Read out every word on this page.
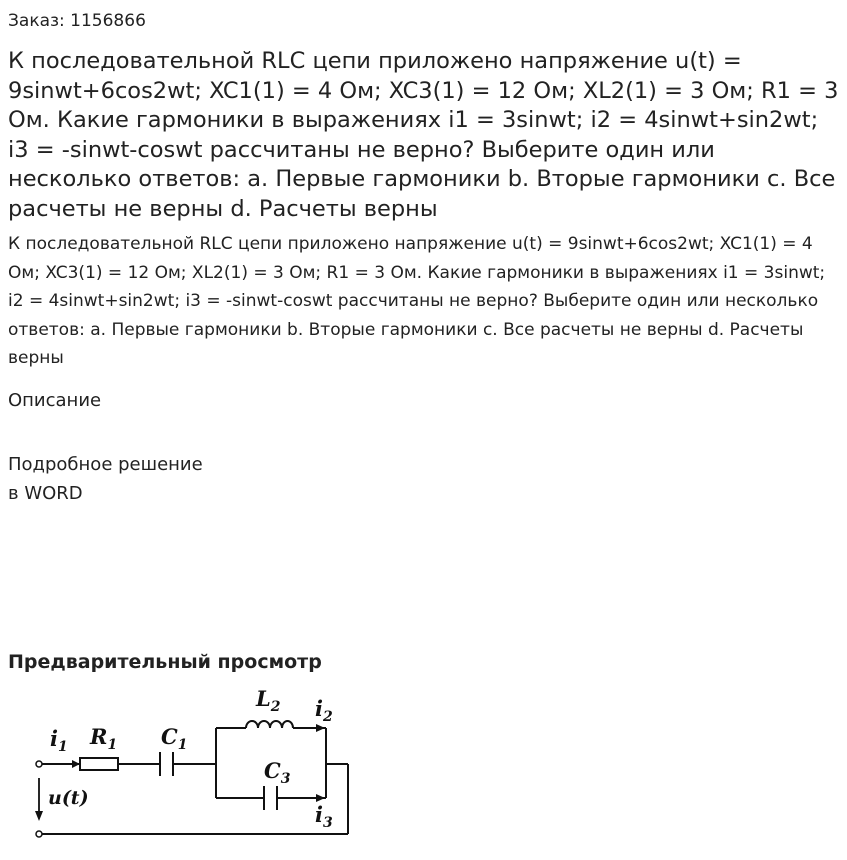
Заказ: 1156866
К последовательной RLC цепи приложено напряжение u(t) = 9sinwt+6cos2wt; XC1(1) = 4 Ом; XC3(1) = 12 Ом; XL2(1) = 3 Ом; R1 = 3 Ом. Какие гармоники в выражениях i1 = 3sinwt; i2 = 4sinwt+sin2wt; i3 = -sinwt-coswt рассчитаны не верно? Выберите один или несколько ответов: a. Первые гармоники b. Вторые гармоники c. Все расчеты не верны d. Расчеты верны

К последовательной RLC цепи приложено напряжение u(t) = 9sinwt+6cos2wt; XC1(1) = 4 Ом; XC3(1) = 12 Ом; XL2(1) = 3 Ом; R1 = 3 Ом. Какие гармоники в выражениях i1 = 3sinwt; i2 = 4sinwt+sin2wt; i3 = -sinwt-coswt рассчитаны не верно? Выберите один или несколько ответов: a. Первые гармоники b. Вторые гармоники c. Все расчеты не верны d. Расчеты верны

Описание
Подробное решение
в WORD
Предварительный просмотр
$i_1$ $R_1$ $C_1$
$L_2$ $i_2$
$C_3$
$i_3$
u(t)
